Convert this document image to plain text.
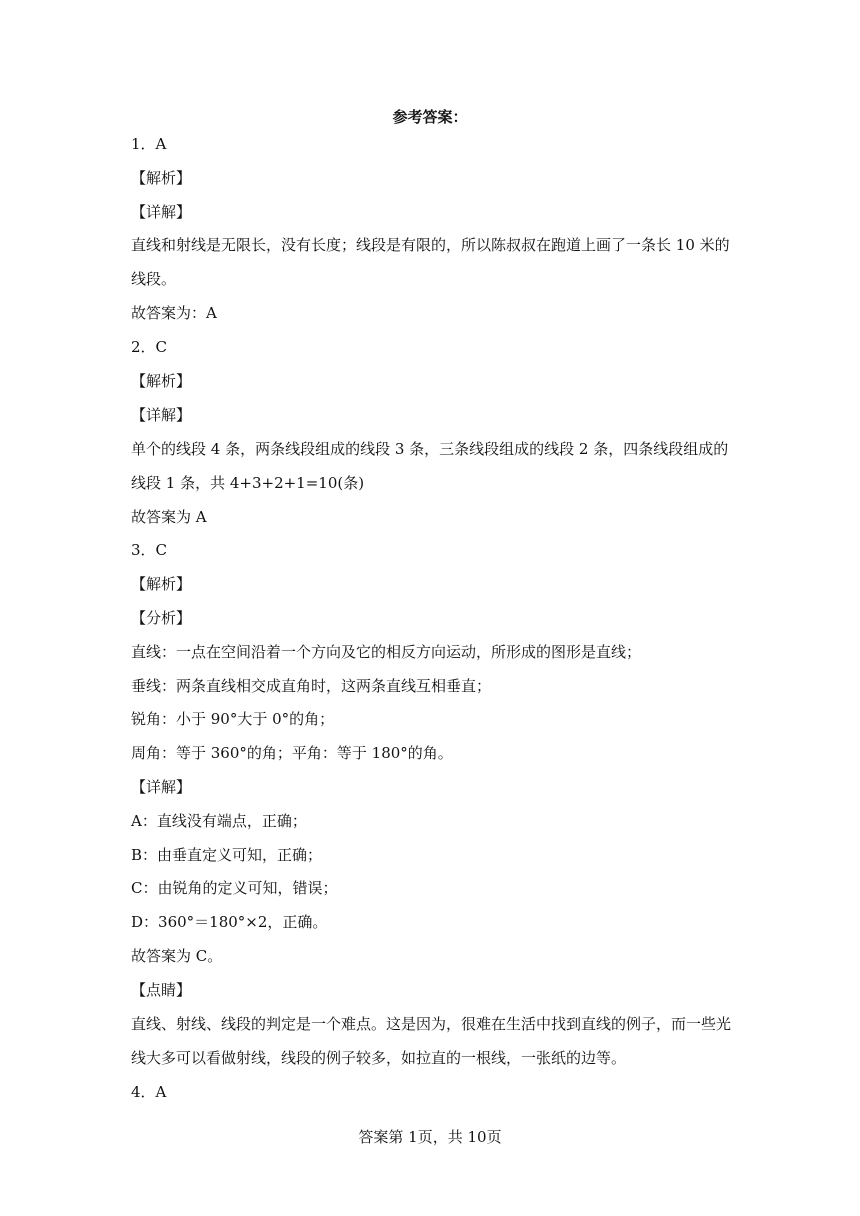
参考答案：
1．A
【解析】
【详解】
直线和射线是无限长，没有长度；线段是有限的，所以陈叔叔在跑道上画了一条长 10 米的线段。
故答案为：A
2．C
【解析】
【详解】
单个的线段 4 条，两条线段组成的线段 3 条，三条线段组成的线段 2 条，四条线段组成的线段 1 条，共 4+3+2+1=10(条)
故答案为 A
3．C
【解析】
【分析】
直线：一点在空间沿着一个方向及它的相反方向运动，所形成的图形是直线；
垂线：两条直线相交成直角时，这两条直线互相垂直；
锐角：小于 90°大于 0°的角；
周角：等于 360°的角；平角：等于 180°的角。
【详解】
A：直线没有端点，正确；
B：由垂直定义可知，正确；
C：由锐角的定义可知，错误；
D：360°＝180°×2，正确。
故答案为 C。
【点睛】
直线、射线、线段的判定是一个难点。这是因为，很难在生活中找到直线的例子，而一些光线大多可以看做射线，线段的例子较多，如拉直的一根线，一张纸的边等。
4．A
答案第 1页，共 10页
